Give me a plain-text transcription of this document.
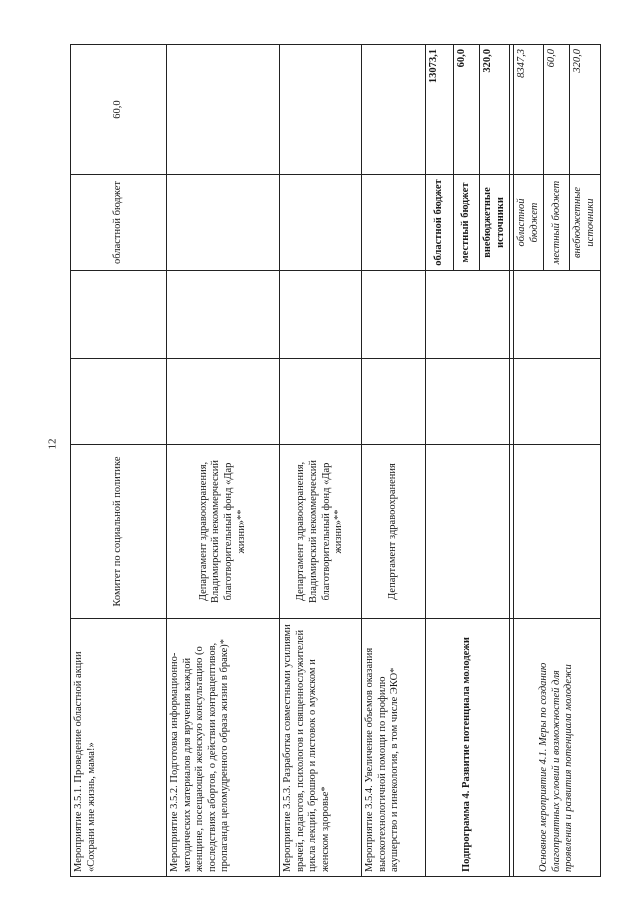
12
Мероприятие 3.5.1. Проведение областной акции «Сохрани мне жизнь, мама!»	Комитет по социальной политике			областной бюджет	60,0
Мероприятие 3.5.2. Подготовка информационно-методических материалов для вручения каждой женщине, посещающей женскую консультацию (о последствиях абортов, о действии контрацептивов, пропаганда целомудренного образа жизни в браке)*	Департамент здравоохранения, Владимирский некоммерческий благотворительный фонд «Дар жизни»**				
Мероприятие 3.5.3. Разработка совместными усилиями врачей, педагогов, психологов и священнослужителей цикла лекций, брошюр и листовок о мужском и женском здоровье*	Департамент здравоохранения, Владимирский некоммерческий благотворительный фонд «Дар жизни»**				
Мероприятие 3.5.4. Увеличение объемов оказания высокотехнологичной помощи по профилю акушерство и гинекология, в том числе ЭКО*	Департамент здравоохранения				
Подпрограмма 4. Развитие потенциала молодежи				областной бюджет	13073,1
				местный бюджет	60,0
				внебюджетные источники	320,0

Основное мероприятие 4.1. Меры по созданию благоприятных условий и возможностей для проявления и развития потенциала молодежи				областной бюджет	8347,3
				местный бюджет	60,0
				внебюджетные источники	320,0
